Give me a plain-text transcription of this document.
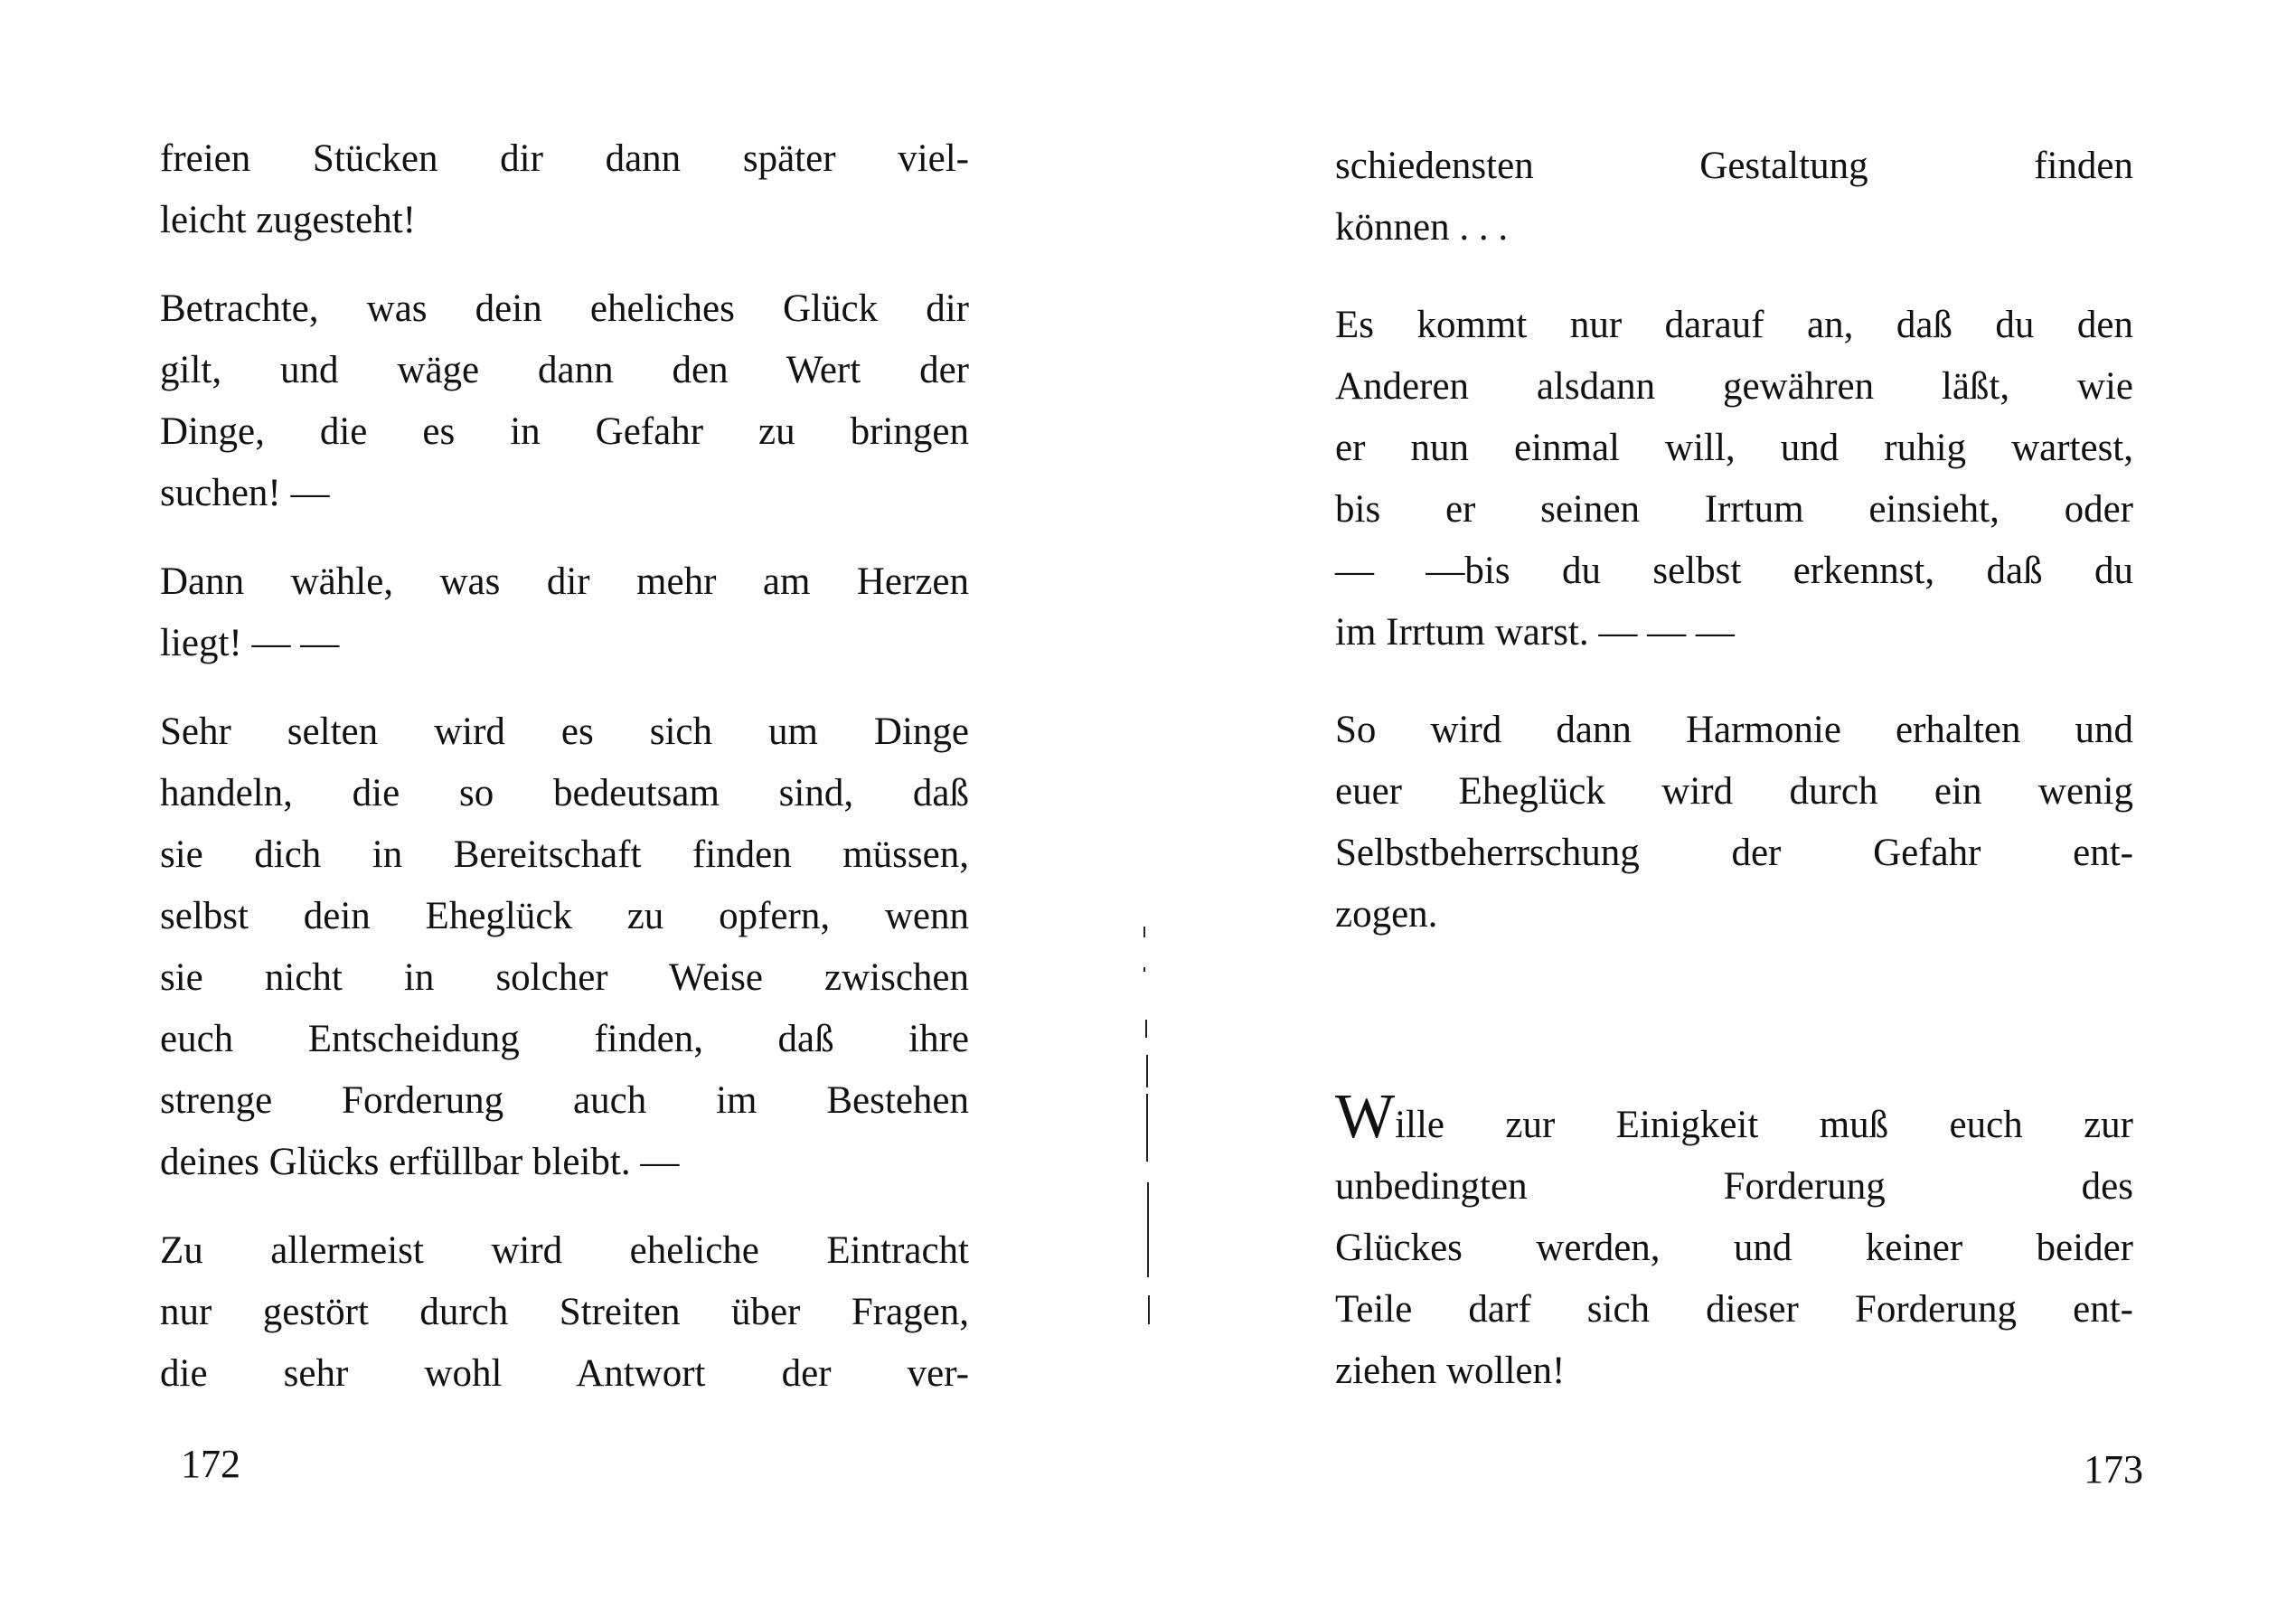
freien Stücken dir dann später viel-
leicht zugesteht!
Betrachte, was dein eheliches Glück dir
gilt, und wäge dann den Wert der
Dinge, die es in Gefahr zu bringen
suchen! —
Dann wähle, was dir mehr am Herzen
liegt! — —
Sehr selten wird es sich um Dinge
handeln, die so bedeutsam sind, daß
sie dich in Bereitschaft finden müssen,
selbst dein Eheglück zu opfern, wenn
sie nicht in solcher Weise zwischen
euch Entscheidung finden, daß ihre
strenge Forderung auch im Bestehen
deines Glücks erfüllbar bleibt. —
Zu allermeist wird eheliche Eintracht
nur gestört durch Streiten über Fragen,
die sehr wohl Antwort der ver-
172
schiedensten Gestaltung finden
können . . .
Es kommt nur darauf an, daß du den
Anderen alsdann gewähren läßt, wie
er nun einmal will, und ruhig wartest,
bis er seinen Irrtum einsieht, oder
— —bis du selbst erkennst, daß du
im Irrtum warst. — — —
So wird dann Harmonie erhalten und
euer Eheglück wird durch ein wenig
Selbstbeherrschung der Gefahr ent-
zogen.
Wille zur Einigkeit muß euch zur
unbedingten Forderung des
Glückes werden, und keiner beider
Teile darf sich dieser Forderung ent-
ziehen wollen!
173
